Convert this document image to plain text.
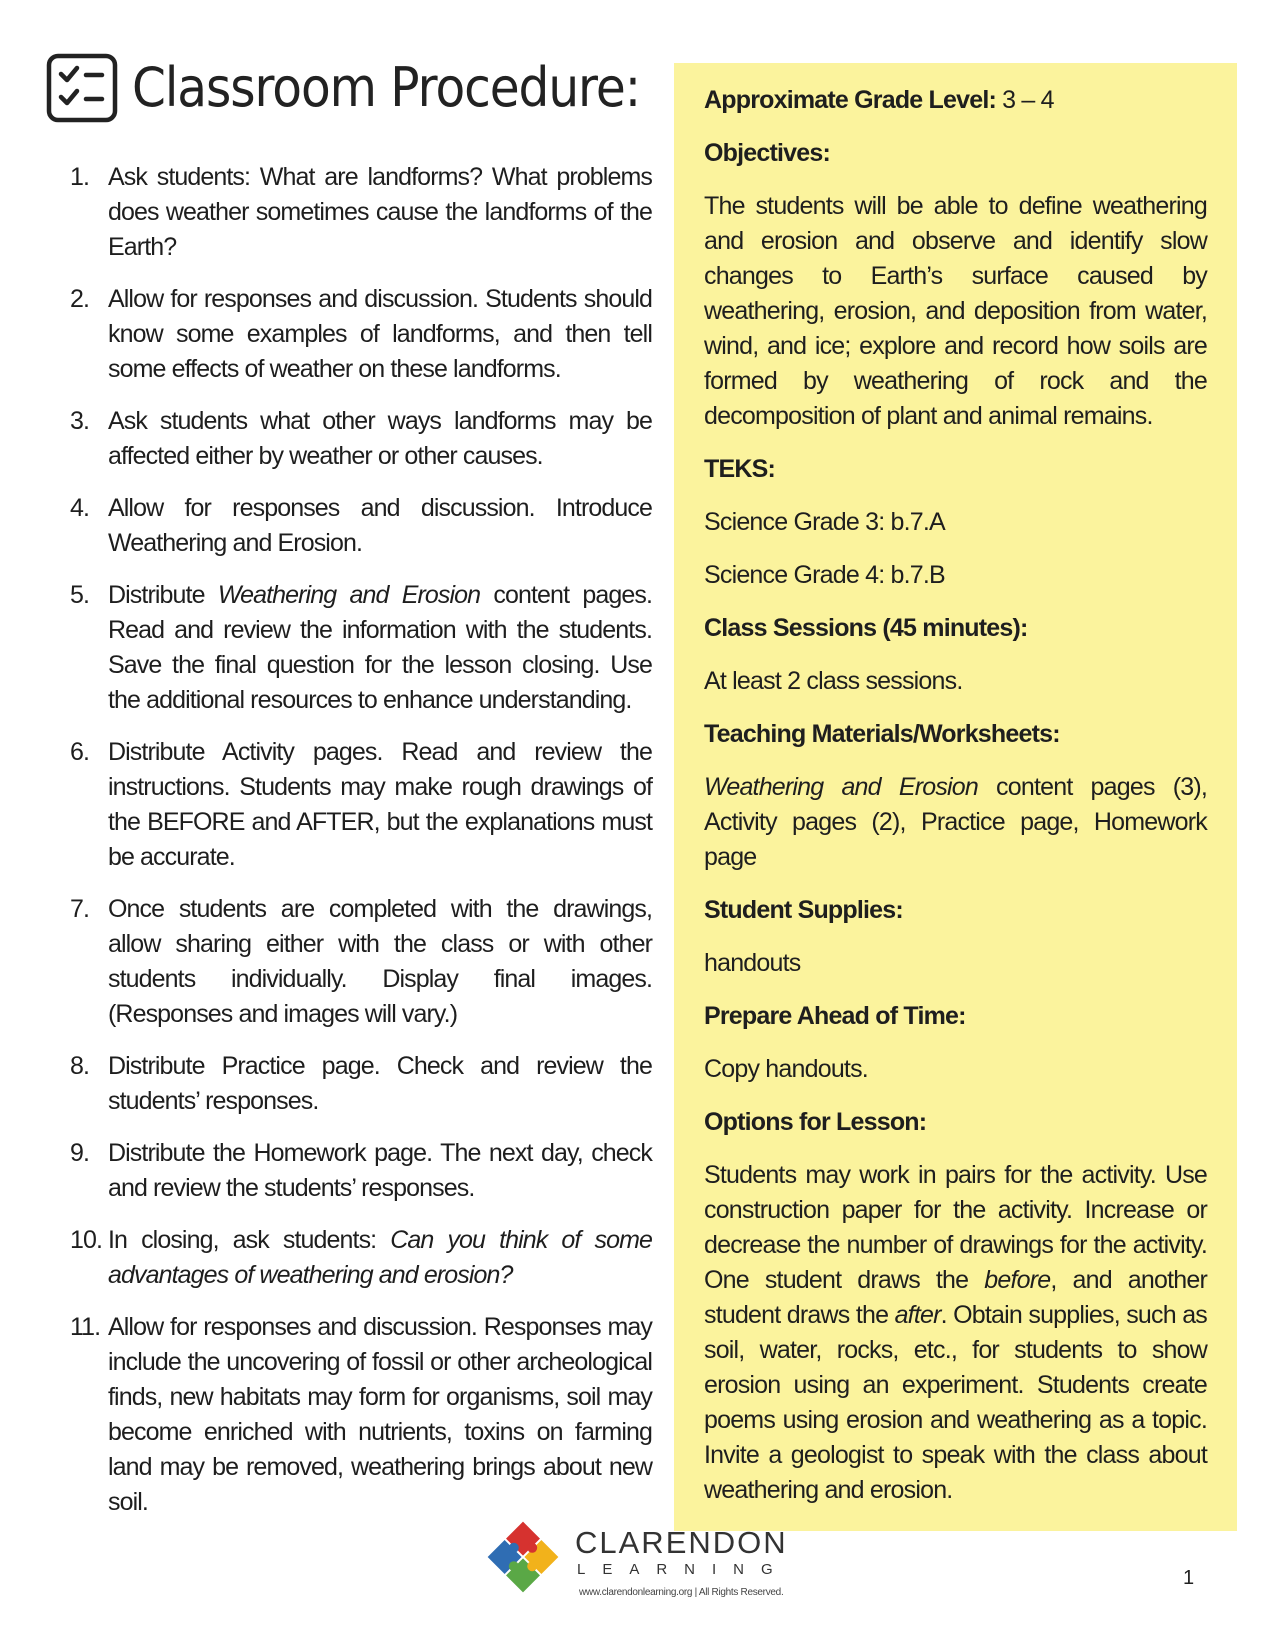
Classroom Procedure:
1. Ask students: What are landforms? What problems does weather sometimes cause the landforms of the Earth?
2. Allow for responses and discussion. Students should know some examples of landforms, and then tell some effects of weather on these landforms.
3. Ask students what other ways landforms may be affected either by weather or other causes.
4. Allow for responses and discussion. Introduce Weathering and Erosion.
5. Distribute Weathering and Erosion content pages. Read and review the information with the students. Save the final question for the lesson closing. Use the additional resources to enhance understanding.
6. Distribute Activity pages. Read and review the instructions. Students may make rough drawings of the BEFORE and AFTER, but the explanations must be accurate.
7. Once students are completed with the drawings, allow sharing either with the class or with other students individually. Display final images. (Responses and images will vary.)
8. Distribute Practice page. Check and review the students’ responses.
9. Distribute the Homework page. The next day, check and review the students’ responses.
10. In closing, ask students: Can you think of some advantages of weathering and erosion?
11. Allow for responses and discussion. Responses may include the uncovering of fossil or other archeological finds, new habitats may form for organisms, soil may become enriched with nutrients, toxins on farming land may be removed, weathering brings about new soil.

Approximate Grade Level: 3 – 4

Objectives:

The students will be able to define weathering and erosion and observe and identify slow changes to Earth’s surface caused by weathering, erosion, and deposition from water, wind, and ice; explore and record how soils are formed by weathering of rock and the decomposition of plant and animal remains.

TEKS:

Science Grade 3: b.7.A

Science Grade 4: b.7.B

Class Sessions (45 minutes):

At least 2 class sessions.

Teaching Materials/Worksheets:

Weathering and Erosion content pages (3), Activity pages (2), Practice page, Homework page

Student Supplies:

handouts

Prepare Ahead of Time:

Copy handouts.

Options for Lesson:

Students may work in pairs for the activity. Use construction paper for the activity. Increase or decrease the number of drawings for the activity. One student draws the before, and another student draws the after. Obtain supplies, such as soil, water, rocks, etc., for students to show erosion using an experiment. Students create poems using erosion and weathering as a topic. Invite a geologist to speak with the class about weathering and erosion.

CLARENDON
LEARNING
www.clarendonlearning.org | All Rights Reserved.
1
